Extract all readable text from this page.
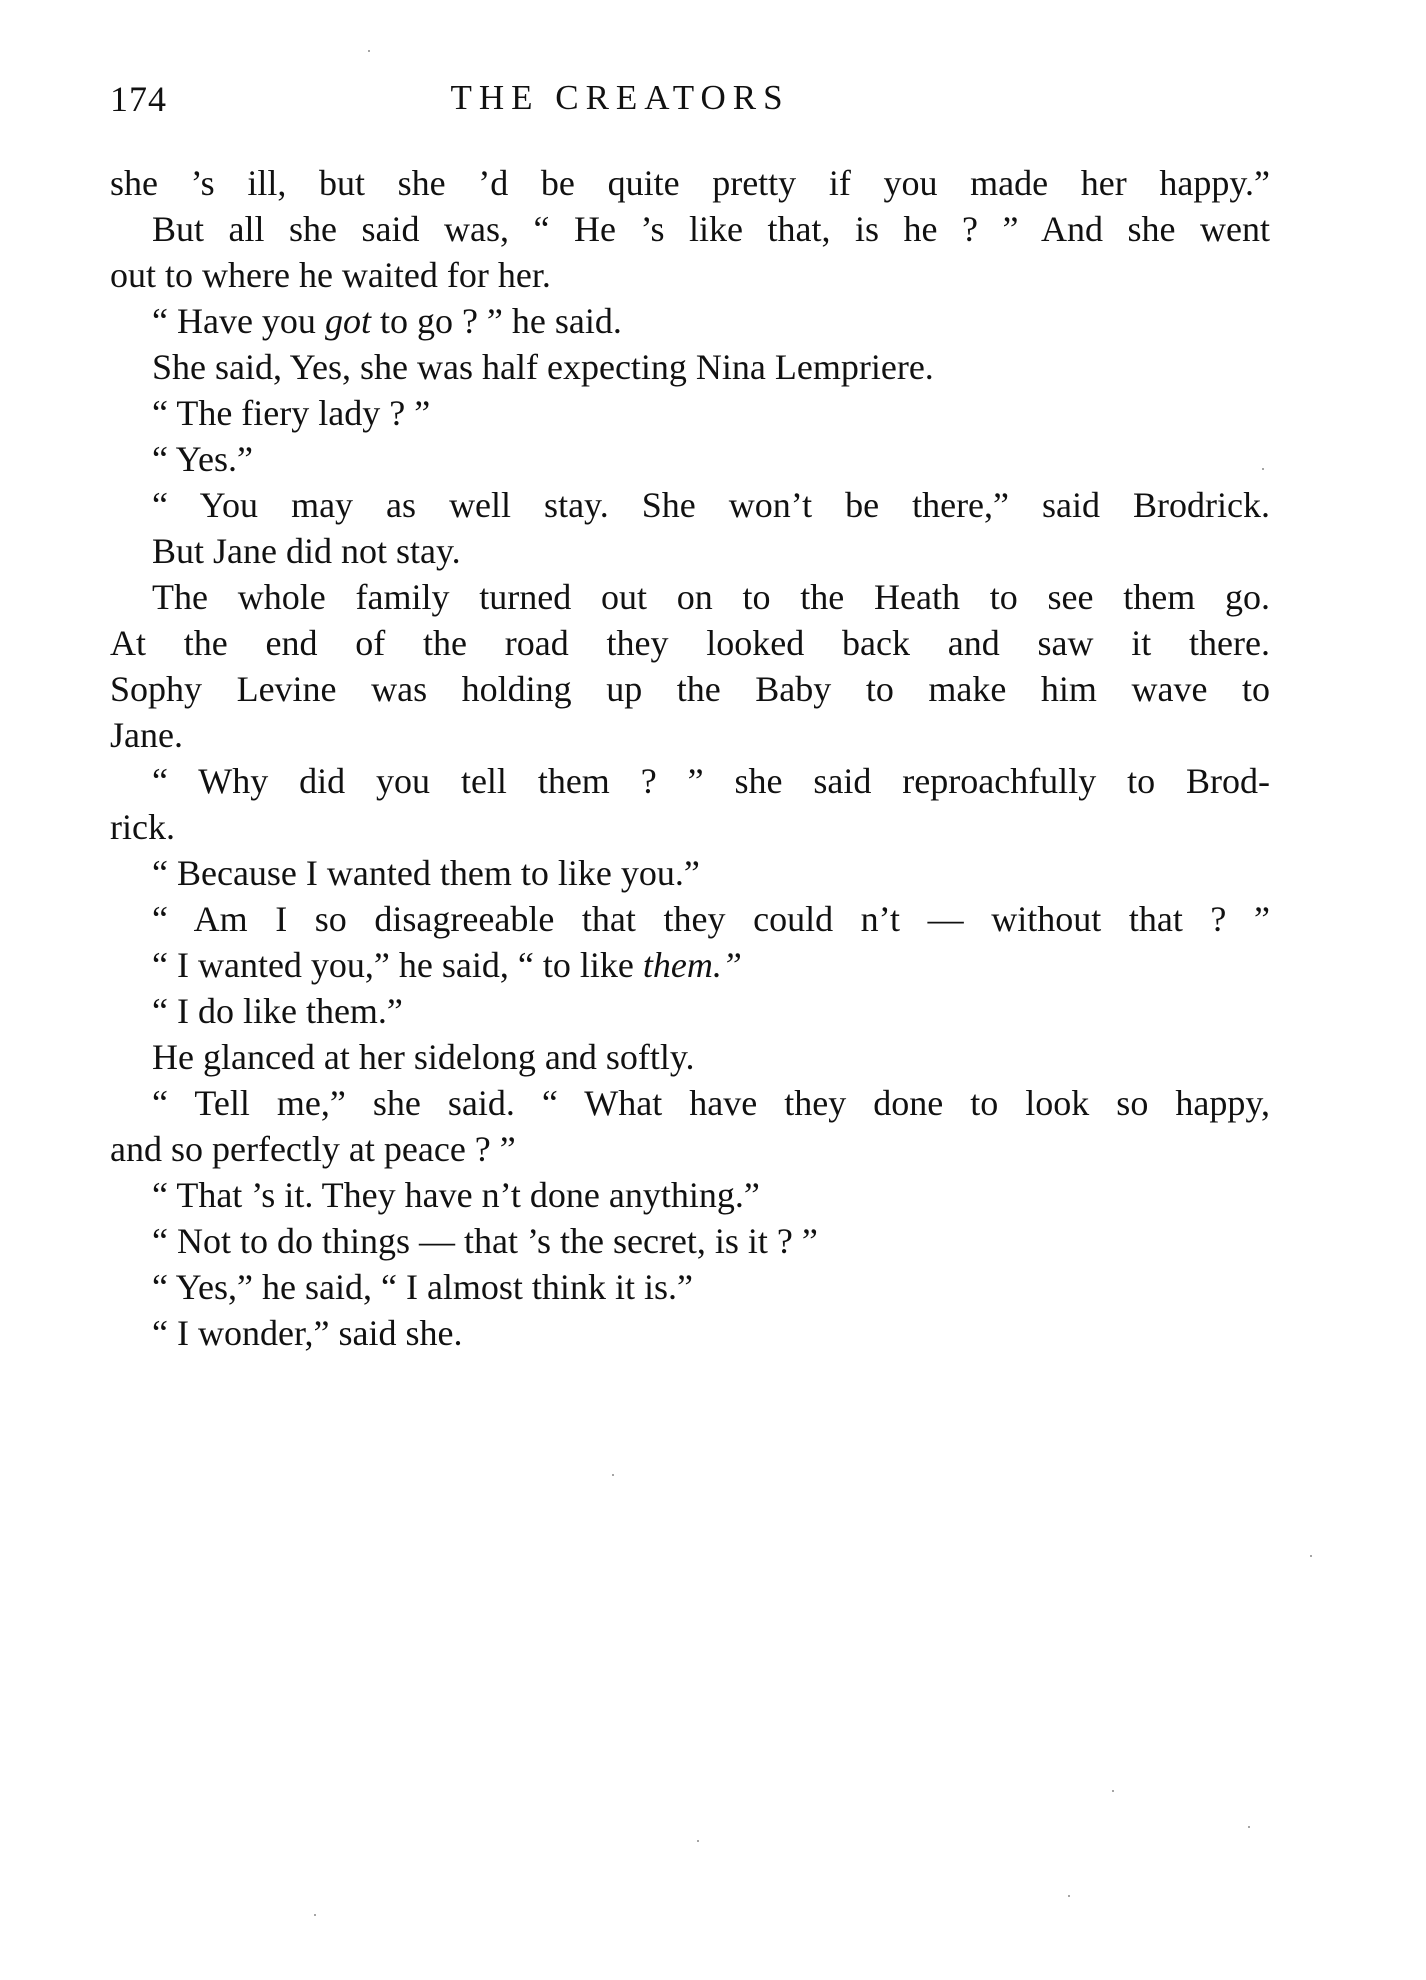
174	THE CREATORS
she ’s ill, but she ’d be quite pretty if you made her happy.”
But all she said was, “ He ’s like that, is he ? ” And she went
out to where he waited for her.
“ Have you got to go ? ” he said.
She said, Yes, she was half expecting Nina Lempriere.
“ The fiery lady ? ”
“ Yes.”
“ You may as well stay. She won’t be there,” said Brodrick.
But Jane did not stay.
The whole family turned out on to the Heath to see them go.
At the end of the road they looked back and saw it there.
Sophy Levine was holding up the Baby to make him wave to
Jane.
“ Why did you tell them ? ” she said reproachfully to Brod-
rick.
“ Because I wanted them to like you.”
“ Am I so disagreeable that they could n’t — without that ? ”
“ I wanted you,” he said, “ to like them.”
“ I do like them.”
He glanced at her sidelong and softly.
“ Tell me,” she said. “ What have they done to look so happy,
and so perfectly at peace ? ”
“ That ’s it. They have n’t done anything.”
“ Not to do things — that ’s the secret, is it ? ”
“ Yes,” he said, “ I almost think it is.”
“ I wonder,” said she.
